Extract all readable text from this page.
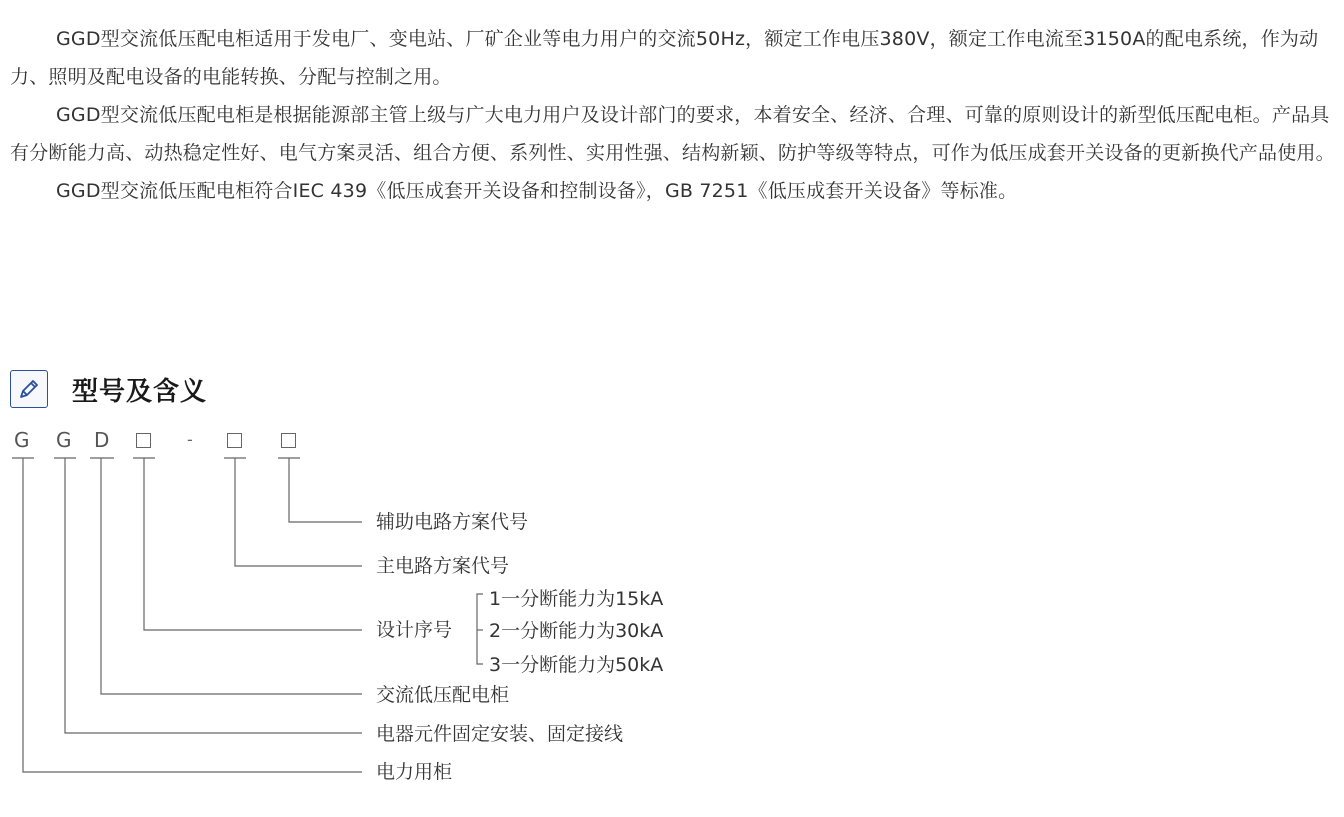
GGD型交流低压配电柜适用于发电厂、变电站、厂矿企业等电力用户的交流50Hz，额定工作电压380V，额定工作电流至3150A的配电系统，作为动力、照明及配电设备的电能转换、分配与控制之用。

GGD型交流低压配电柜是根据能源部主管上级与广大电力用户及设计部门的要求，本着安全、经济、合理、可靠的原则设计的新型低压配电柜。产品具有分断能力高、动热稳定性好、电气方案灵活、组合方便、系列性、实用性强、结构新颖、防护等级等特点，可作为低压成套开关设备的更新换代产品使用。

GGD型交流低压配电柜符合IEC 439《低压成套开关设备和控制设备》，GB 7251《低压成套开关设备》等标准。

型号及含义
G G D	-
辅助电路方案代号
主电路方案代号
设计序号
1一分断能力为15kA
2一分断能力为30kA
3一分断能力为50kA
交流低压配电柜
电器元件固定安装、固定接线
电力用柜
